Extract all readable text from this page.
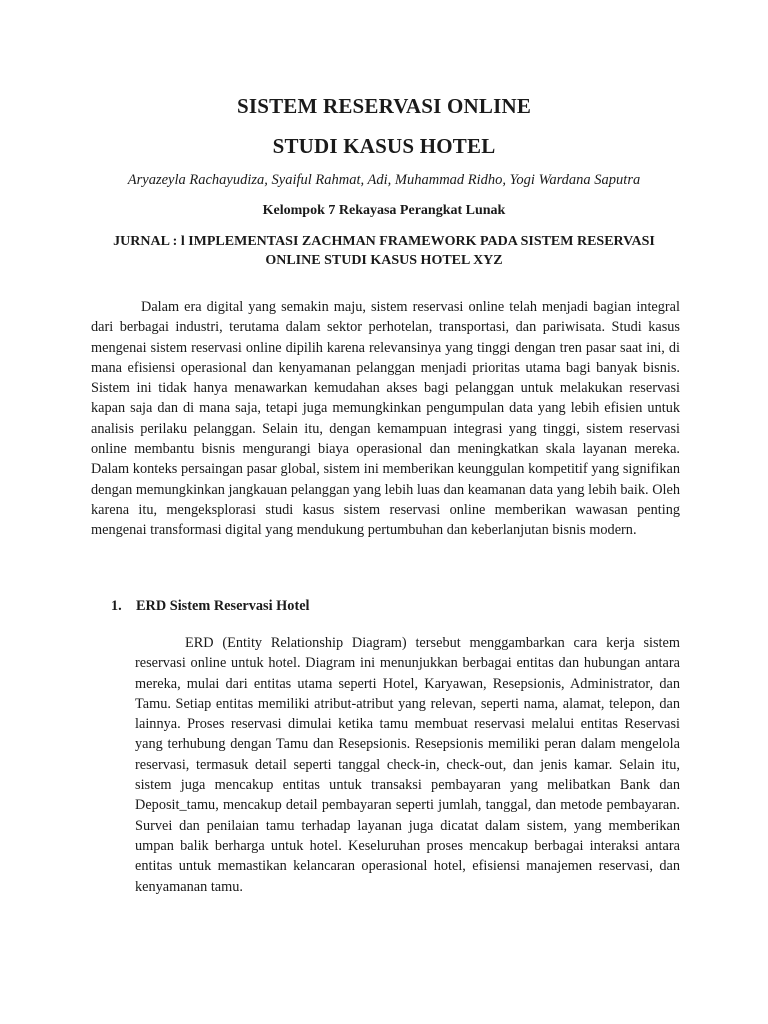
SISTEM RESERVASI ONLINE
STUDI KASUS HOTEL

Aryazeyla Rachayudiza, Syaiful Rahmat, Adi, Muhammad Ridho, Yogi Wardana Saputra

Kelompok 7 Rekayasa Perangkat Lunak

JURNAL : l IMPLEMENTASI ZACHMAN FRAMEWORK PADA SISTEM RESERVASI ONLINE STUDI KASUS HOTEL XYZ

Dalam era digital yang semakin maju, sistem reservasi online telah menjadi bagian integral dari berbagai industri, terutama dalam sektor perhotelan, transportasi, dan pariwisata. Studi kasus mengenai sistem reservasi online dipilih karena relevansinya yang tinggi dengan tren pasar saat ini, di mana efisiensi operasional dan kenyamanan pelanggan menjadi prioritas utama bagi banyak bisnis. Sistem ini tidak hanya menawarkan kemudahan akses bagi pelanggan untuk melakukan reservasi kapan saja dan di mana saja, tetapi juga memungkinkan pengumpulan data yang lebih efisien untuk analisis perilaku pelanggan. Selain itu, dengan kemampuan integrasi yang tinggi, sistem reservasi online membantu bisnis mengurangi biaya operasional dan meningkatkan skala layanan mereka. Dalam konteks persaingan pasar global, sistem ini memberikan keunggulan kompetitif yang signifikan dengan memungkinkan jangkauan pelanggan yang lebih luas dan keamanan data yang lebih baik. Oleh karena itu, mengeksplorasi studi kasus sistem reservasi online memberikan wawasan penting mengenai transformasi digital yang mendukung pertumbuhan dan keberlanjutan bisnis modern.

1. ERD Sistem Reservasi Hotel

ERD (Entity Relationship Diagram) tersebut menggambarkan cara kerja sistem reservasi online untuk hotel. Diagram ini menunjukkan berbagai entitas dan hubungan antara mereka, mulai dari entitas utama seperti Hotel, Karyawan, Resepsionis, Administrator, dan Tamu. Setiap entitas memiliki atribut-atribut yang relevan, seperti nama, alamat, telepon, dan lainnya. Proses reservasi dimulai ketika tamu membuat reservasi melalui entitas Reservasi yang terhubung dengan Tamu dan Resepsionis. Resepsionis memiliki peran dalam mengelola reservasi, termasuk detail seperti tanggal check-in, check-out, dan jenis kamar. Selain itu, sistem juga mencakup entitas untuk transaksi pembayaran yang melibatkan Bank dan Deposit_tamu, mencakup detail pembayaran seperti jumlah, tanggal, dan metode pembayaran. Survei dan penilaian tamu terhadap layanan juga dicatat dalam sistem, yang memberikan umpan balik berharga untuk hotel. Keseluruhan proses mencakup berbagai interaksi antara entitas untuk memastikan kelancaran operasional hotel, efisiensi manajemen reservasi, dan kenyamanan tamu.
